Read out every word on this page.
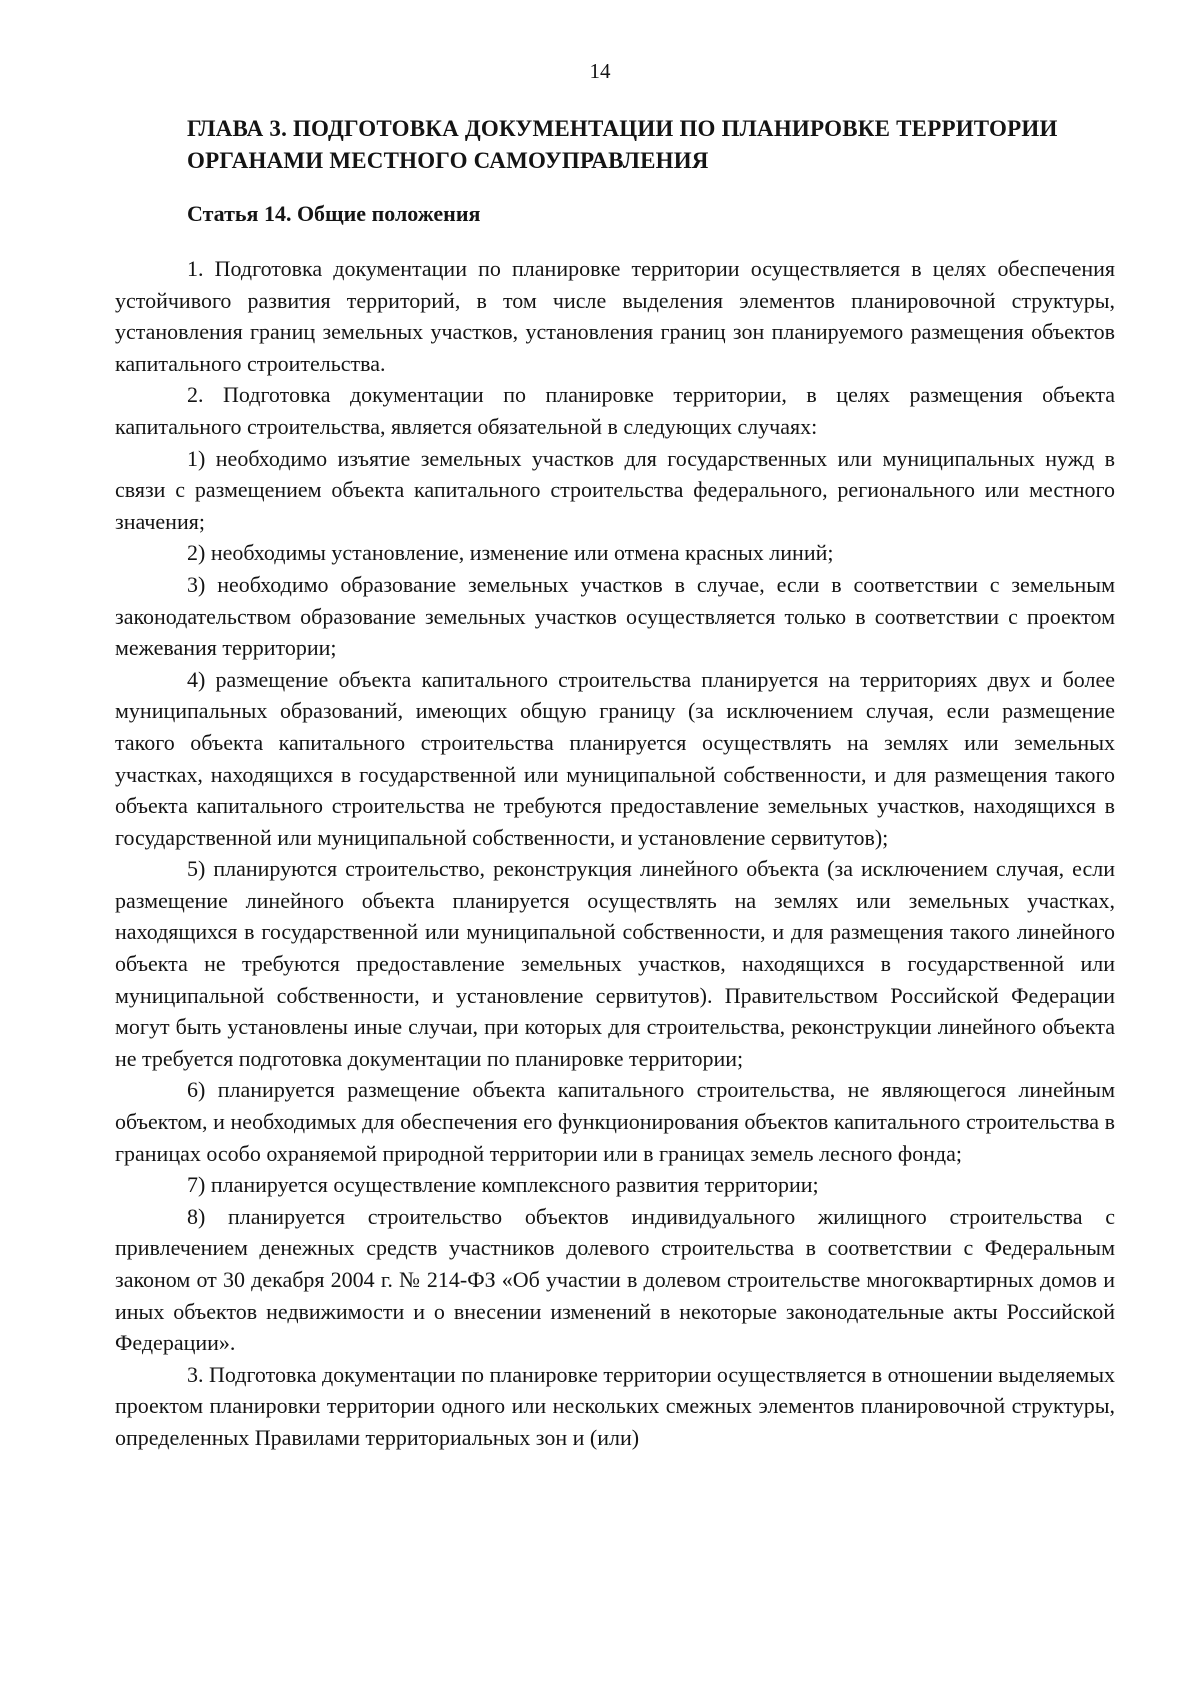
14
ГЛАВА 3. ПОДГОТОВКА ДОКУМЕНТАЦИИ ПО ПЛАНИРОВКЕ ТЕРРИТОРИИ ОРГАНАМИ МЕСТНОГО САМОУПРАВЛЕНИЯ
Статья 14. Общие положения

1. Подготовка документации по планировке территории осуществляется в целях обеспечения устойчивого развития территорий, в том числе выделения элементов планировочной структуры, установления границ земельных участков, установления границ зон планируемого размещения объектов капитального строительства.

2. Подготовка документации по планировке территории, в целях размещения объекта капитального строительства, является обязательной в следующих случаях:

1) необходимо изъятие земельных участков для государственных или муниципальных нужд в связи с размещением объекта капитального строительства федерального, регионального или местного значения;

2) необходимы установление, изменение или отмена красных линий;

3) необходимо образование земельных участков в случае, если в соответствии с земельным законодательством образование земельных участков осуществляется только в соответствии с проектом межевания территории;

4) размещение объекта капитального строительства планируется на территориях двух и более муниципальных образований, имеющих общую границу (за исключением случая, если размещение такого объекта капитального строительства планируется осуществлять на землях или земельных участках, находящихся в государственной или муниципальной собственности, и для размещения такого объекта капитального строительства не требуются предоставление земельных участков, находящихся в государственной или муниципальной собственности, и установление сервитутов);

5) планируются строительство, реконструкция линейного объекта (за исключением случая, если размещение линейного объекта планируется осуществлять на землях или земельных участках, находящихся в государственной или муниципальной собственности, и для размещения такого линейного объекта не требуются предоставление земельных участков, находящихся в государственной или муниципальной собственности, и установление сервитутов). Правительством Российской Федерации могут быть установлены иные случаи, при которых для строительства, реконструкции линейного объекта не требуется подготовка документации по планировке территории;

6) планируется размещение объекта капитального строительства, не являющегося линейным объектом, и необходимых для обеспечения его функционирования объектов капитального строительства в границах особо охраняемой природной территории или в границах земель лесного фонда;

7) планируется осуществление комплексного развития территории;

8) планируется строительство объектов индивидуального жилищного строительства с привлечением денежных средств участников долевого строительства в соответствии с Федеральным законом от 30 декабря 2004 г. № 214-ФЗ «Об участии в долевом строительстве многоквартирных домов и иных объектов недвижимости и о внесении изменений в некоторые законодательные акты Российской Федерации».

3. Подготовка документации по планировке территории осуществляется в отношении выделяемых проектом планировки территории одного или нескольких смежных элементов планировочной структуры, определенных Правилами территориальных зон и (или)
